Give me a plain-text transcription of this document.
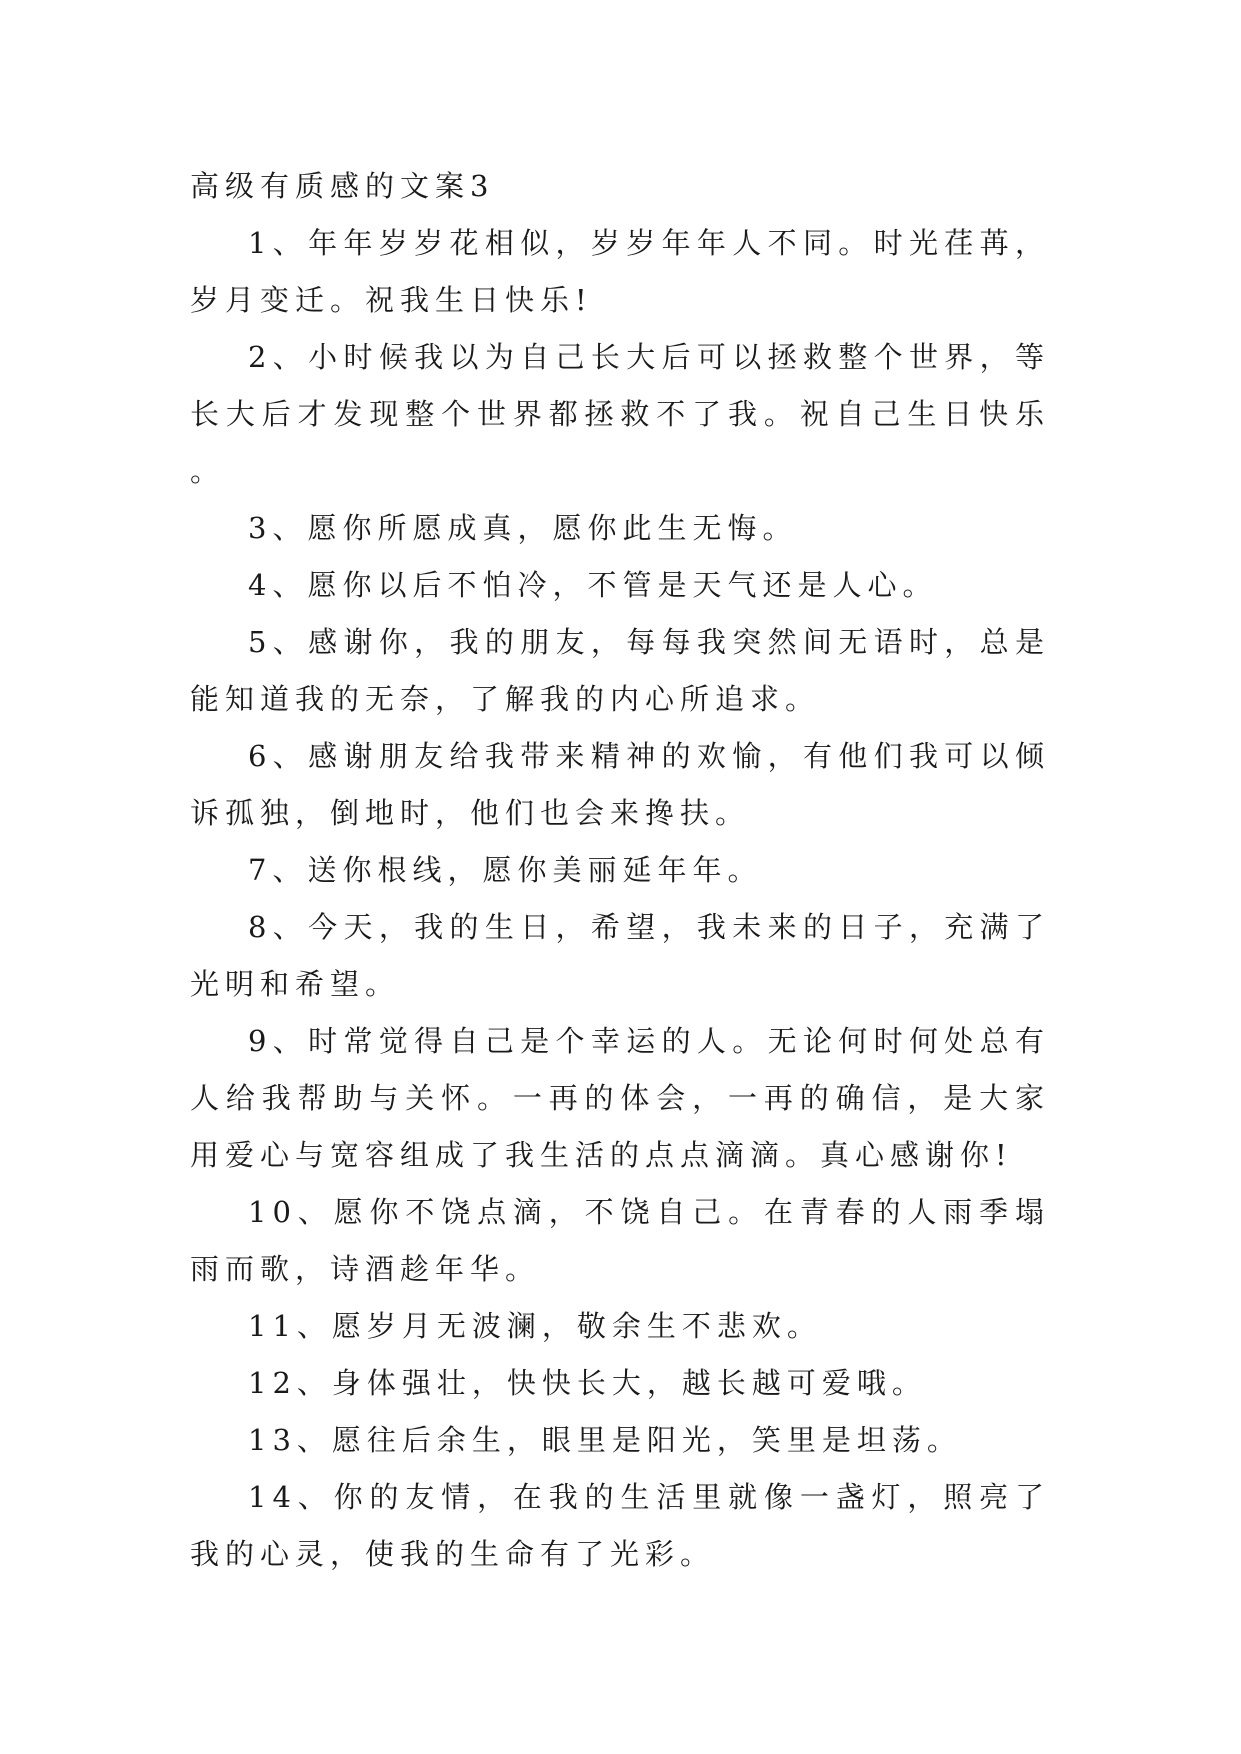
高级有质感的文案3

1、年年岁岁花相似，岁岁年年人不同。时光荏苒，岁月变迁。祝我生日快乐!

2、小时候我以为自己长大后可以拯救整个世界，等长大后才发现整个世界都拯救不了我。祝自己生日快乐。

3、愿你所愿成真，愿你此生无悔。

4、愿你以后不怕冷，不管是天气还是人心。

5、感谢你，我的朋友，每每我突然间无语时，总是能知道我的无奈，了解我的内心所追求。

6、感谢朋友给我带来精神的欢愉，有他们我可以倾诉孤独，倒地时，他们也会来搀扶。

7、送你根线，愿你美丽延年年。

8、今天，我的生日，希望，我未来的日子，充满了光明和希望。

9、时常觉得自己是个幸运的人。无论何时何处总有人给我帮助与关怀。一再的体会，一再的确信，是大家用爱心与宽容组成了我生活的点点滴滴。真心感谢你!

10、愿你不饶点滴，不饶自己。在青春的人雨季塌雨而歌，诗酒趁年华。

11、愿岁月无波澜，敬余生不悲欢。

12、身体强壮，快快长大，越长越可爱哦。

13、愿往后余生，眼里是阳光，笑里是坦荡。

14、你的友情，在我的生活里就像一盏灯，照亮了我的心灵，使我的生命有了光彩。
